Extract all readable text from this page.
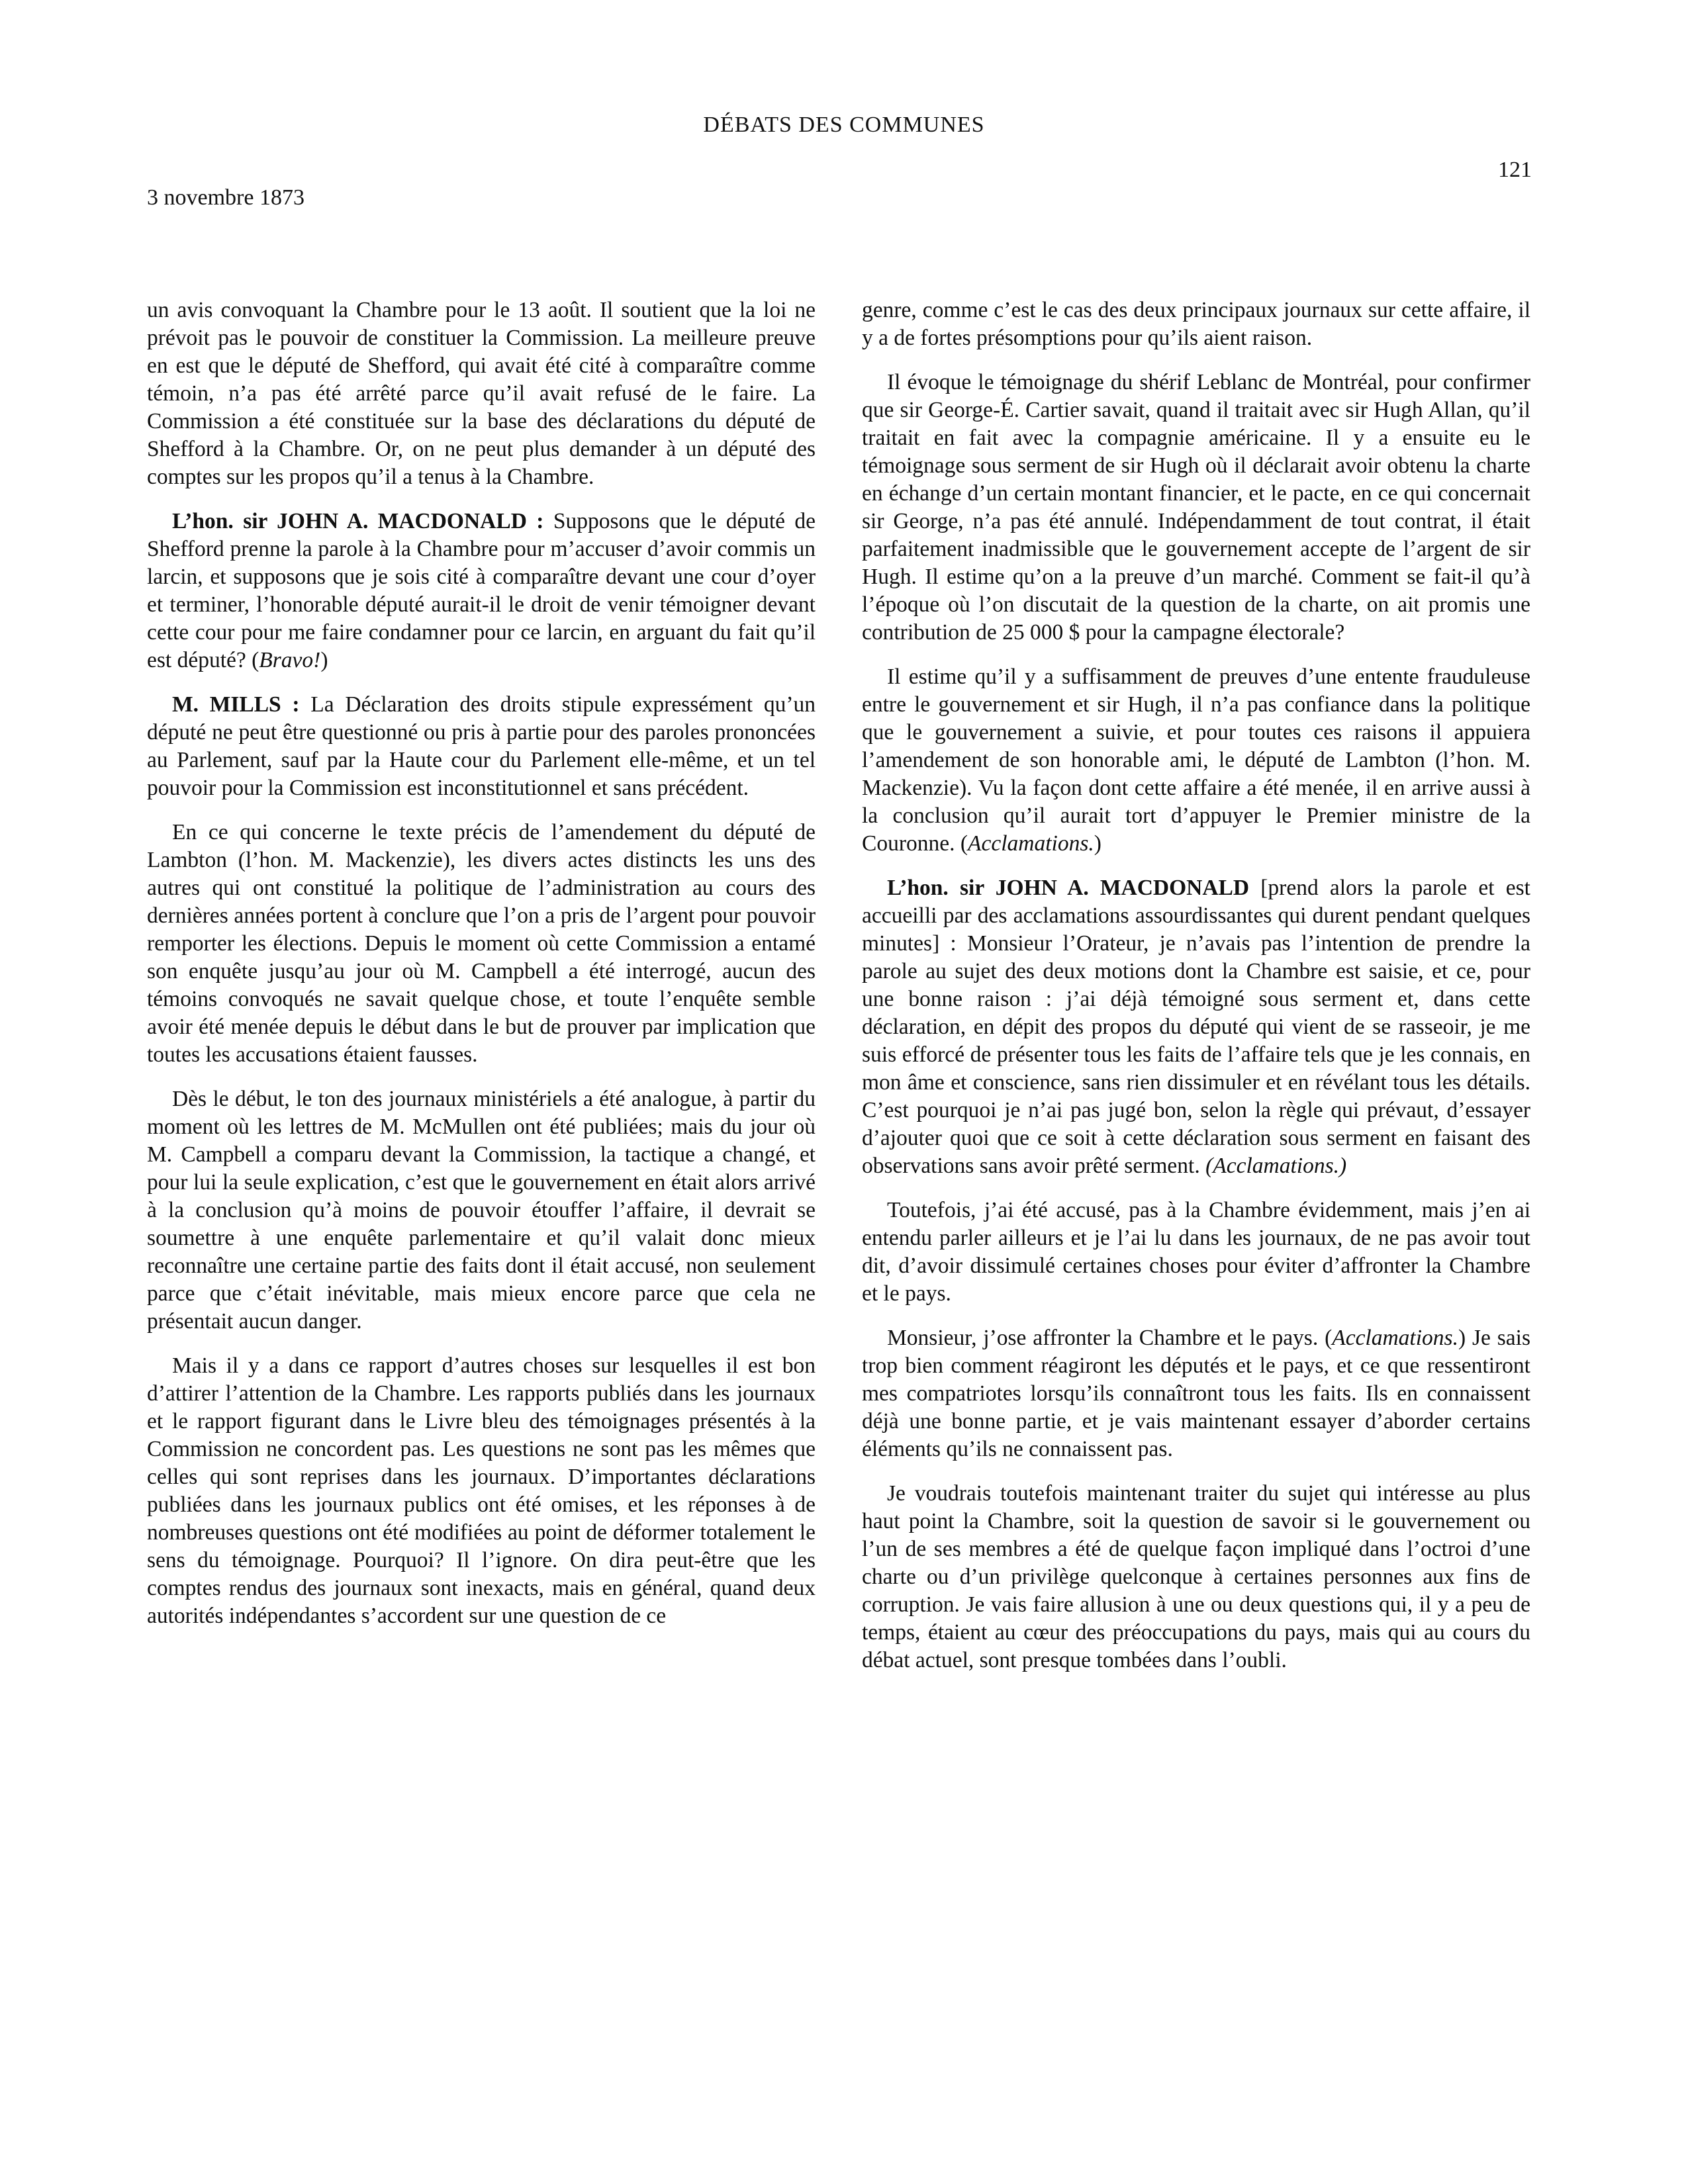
DÉBATS DES COMMUNES
121
3 novembre 1873

un avis convoquant la Chambre pour le 13 août. Il soutient que la loi ne prévoit pas le pouvoir de constituer la Commission. La meilleure preuve en est que le député de Shefford, qui avait été cité à comparaître comme témoin, n’a pas été arrêté parce qu’il avait refusé de le faire. La Commission a été constituée sur la base des déclarations du député de Shefford à la Chambre. Or, on ne peut plus demander à un député des comptes sur les propos qu’il a tenus à la Chambre.

L’hon. sir JOHN A. MACDONALD : Supposons que le député de Shefford prenne la parole à la Chambre pour m’accuser d’avoir commis un larcin, et supposons que je sois cité à comparaître devant une cour d’oyer et terminer, l’honorable député aurait-il le droit de venir témoigner devant cette cour pour me faire condamner pour ce larcin, en arguant du fait qu’il est député? (Bravo!)

M. MILLS : La Déclaration des droits stipule expressément qu’un député ne peut être questionné ou pris à partie pour des paroles prononcées au Parlement, sauf par la Haute cour du Parlement elle-même, et un tel pouvoir pour la Commission est inconstitutionnel et sans précédent.

En ce qui concerne le texte précis de l’amendement du député de Lambton (l’hon. M. Mackenzie), les divers actes distincts les uns des autres qui ont constitué la politique de l’administration au cours des dernières années portent à conclure que l’on a pris de l’argent pour pouvoir remporter les élections. Depuis le moment où cette Commission a entamé son enquête jusqu’au jour où M. Campbell a été interrogé, aucun des témoins convoqués ne savait quelque chose, et toute l’enquête semble avoir été menée depuis le début dans le but de prouver par implication que toutes les accusations étaient fausses.

Dès le début, le ton des journaux ministériels a été analogue, à partir du moment où les lettres de M. McMullen ont été publiées; mais du jour où M. Campbell a comparu devant la Commission, la tactique a changé, et pour lui la seule explication, c’est que le gouvernement en était alors arrivé à la conclusion qu’à moins de pouvoir étouffer l’affaire, il devrait se soumettre à une enquête parlementaire et qu’il valait donc mieux reconnaître une certaine partie des faits dont il était accusé, non seulement parce que c’était inévitable, mais mieux encore parce que cela ne présentait aucun danger.

Mais il y a dans ce rapport d’autres choses sur lesquelles il est bon d’attirer l’attention de la Chambre. Les rapports publiés dans les journaux et le rapport figurant dans le Livre bleu des témoignages présentés à la Commission ne concordent pas. Les questions ne sont pas les mêmes que celles qui sont reprises dans les journaux. D’importantes déclarations publiées dans les journaux publics ont été omises, et les réponses à de nombreuses questions ont été modifiées au point de déformer totalement le sens du témoignage. Pourquoi? Il l’ignore. On dira peut-être que les comptes rendus des journaux sont inexacts, mais en général, quand deux autorités indépendantes s’accordent sur une question de ce

genre, comme c’est le cas des deux principaux journaux sur cette affaire, il y a de fortes présomptions pour qu’ils aient raison.

Il évoque le témoignage du shérif Leblanc de Montréal, pour confirmer que sir George-É. Cartier savait, quand il traitait avec sir Hugh Allan, qu’il traitait en fait avec la compagnie américaine. Il y a ensuite eu le témoignage sous serment de sir Hugh où il déclarait avoir obtenu la charte en échange d’un certain montant financier, et le pacte, en ce qui concernait sir George, n’a pas été annulé. Indépendamment de tout contrat, il était parfaitement inadmissible que le gouvernement accepte de l’argent de sir Hugh. Il estime qu’on a la preuve d’un marché. Comment se fait-il qu’à l’époque où l’on discutait de la question de la charte, on ait promis une contribution de 25 000 $ pour la campagne électorale?

Il estime qu’il y a suffisamment de preuves d’une entente frauduleuse entre le gouvernement et sir Hugh, il n’a pas confiance dans la politique que le gouvernement a suivie, et pour toutes ces raisons il appuiera l’amendement de son honorable ami, le député de Lambton (l’hon. M. Mackenzie). Vu la façon dont cette affaire a été menée, il en arrive aussi à la conclusion qu’il aurait tort d’appuyer le Premier ministre de la Couronne. (Acclamations.)

L’hon. sir JOHN A. MACDONALD [prend alors la parole et est accueilli par des acclamations assourdissantes qui durent pendant quelques minutes] : Monsieur l’Orateur, je n’avais pas l’intention de prendre la parole au sujet des deux motions dont la Chambre est saisie, et ce, pour une bonne raison : j’ai déjà témoigné sous serment et, dans cette déclaration, en dépit des propos du député qui vient de se rasseoir, je me suis efforcé de présenter tous les faits de l’affaire tels que je les connais, en mon âme et conscience, sans rien dissimuler et en révélant tous les détails. C’est pourquoi je n’ai pas jugé bon, selon la règle qui prévaut, d’essayer d’ajouter quoi que ce soit à cette déclaration sous serment en faisant des observations sans avoir prêté serment. (Acclamations.)

Toutefois, j’ai été accusé, pas à la Chambre évidemment, mais j’en ai entendu parler ailleurs et je l’ai lu dans les journaux, de ne pas avoir tout dit, d’avoir dissimulé certaines choses pour éviter d’affronter la Chambre et le pays.

Monsieur, j’ose affronter la Chambre et le pays. (Acclamations.) Je sais trop bien comment réagiront les députés et le pays, et ce que ressentiront mes compatriotes lorsqu’ils connaîtront tous les faits. Ils en connaissent déjà une bonne partie, et je vais maintenant essayer d’aborder certains éléments qu’ils ne connaissent pas.

Je voudrais toutefois maintenant traiter du sujet qui intéresse au plus haut point la Chambre, soit la question de savoir si le gouvernement ou l’un de ses membres a été de quelque façon impliqué dans l’octroi d’une charte ou d’un privilège quelconque à certaines personnes aux fins de corruption. Je vais faire allusion à une ou deux questions qui, il y a peu de temps, étaient au cœur des préoccupations du pays, mais qui au cours du débat actuel, sont presque tombées dans l’oubli.
